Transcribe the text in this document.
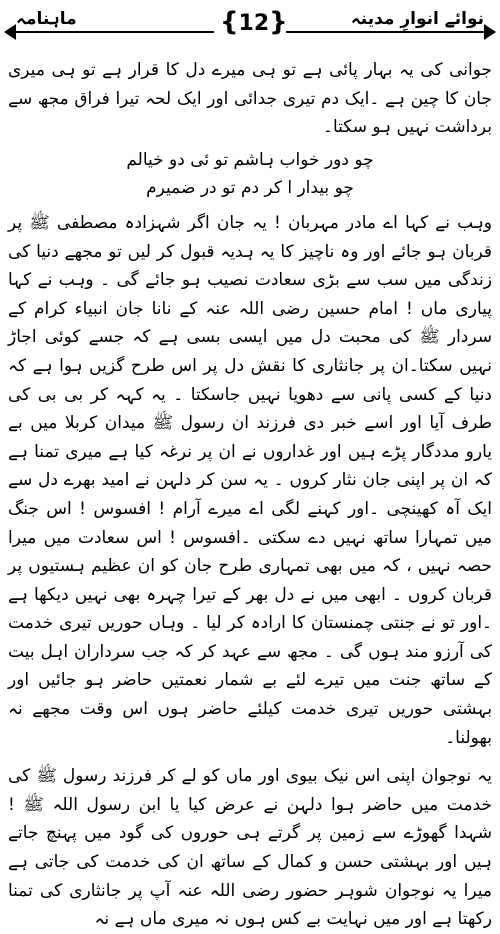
ماہنامہ	{12}	نوائے انوارِ مدینہ

جوانی کی یہ بہار پائی ہے تو ہی میرے دل کا قرار ہے تو ہی میری جان کا چین ہے ۔ایک دم تیری جدائی اور ایک لحہ تیرا فراق مجھ سے برداشت نہیں ہو سکتا۔

چو دور خواب ہاشم تو ئی دو خیالم

چو بیدار ا کر دم تو در ضمیرم

وہب نے کہا اے مادر مہربان ! یہ جان اگر شہزادہ مصطفی ﷺ پر قربان ہو جائے اور وہ ناچیز کا یہ ہدیہ قبول کر لیں تو مجھے دنیا کی زندگی میں سب سے بڑی سعادت نصیب ہو جائے گی ۔ وہب نے کہا پیاری ماں ! امام حسین رضی اللہ عنہ کے نانا جان انبیاء کرام کے سردار ﷺ کی محبت دل میں ایسی بسی ہے کہ جسے کوئی اجاڑ نہیں سکتا۔ان پر جانثاری کا نقش دل پر اس طرح گزیں ہوا ہے کہ دنیا کے کسی پانی سے دھویا نہیں جاسکتا ۔ یہ کہہ کر بی بی کی طرف آیا اور اسے خبر دی فرزند ان رسول ﷺ میدان کربلا میں بے یارو مددگار پڑے ہیں اور غداروں نے ان پر نرغہ کیا ہے میری تمنا ہے کہ ان پر اپنی جان نثار کروں ۔ یہ سن کر دلہن نے امید بھرے دل سے ایک آہ کھینچی ۔اور کہنے لگی اے میرے آرام ! افسوس ! اس جنگ میں تمہارا ساتھ نہیں دے سکتی ۔افسوس ! اس سعادت میں میرا حصہ نہیں ، کہ میں بھی تمہاری طرح جان کو ان عظیم ہستیوں پر قربان کروں ۔ ابھی میں نے دل بھر کے تیرا چہرہ بھی نہیں دیکھا ہے ۔اور تو نے جنتی چمنستان کا ارادہ کر لیا ۔ وہاں حوریں تیری خدمت کی آرزو مند ہوں گی ۔ مجھ سے عہد کر کہ جب سرداران اہل بیت کے ساتھ جنت میں تیرے لئے بے شمار نعمتیں حاضر ہو جائیں اور بہشتی حوریں تیری خدمت کیلئے حاضر ہوں اس وقت مجھے نہ بھولنا۔

یہ نوجوان اپنی اس نیک بیوی اور ماں کو لے کر فرزند رسول ﷺ کی خدمت میں حاضر ہوا دلہن نے عرض کیا یا ابن رسول اللہ ﷺ ! شہدا گھوڑے سے زمین پر گرتے ہی حوروں کی گود میں پہنچ جاتے ہیں اور بہشتی حسن و کمال کے ساتھ ان کی خدمت کی جاتی ہے میرا یہ نوجوان شوہر حضور رضی اللہ عنہ آپ پر جانثاری کی تمنا رکھتا ہے اور میں نہایت بے کس ہوں نہ میری ماں ہے نہ
